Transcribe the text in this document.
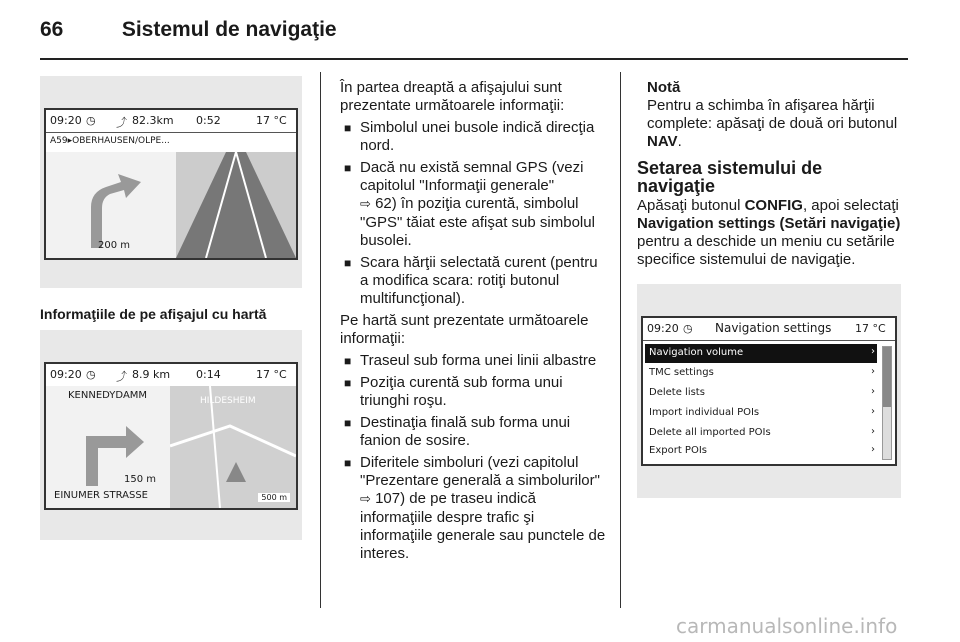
66	Sistemul de navigaţie
09:20 ◷ ⤴ 82.3km 0:52	17 °C
A59▸OBERHAUSEN/OLPE...
200 m
Informaţiile de pe afişajul cu hartă
09:20 ◷ ⤴ 8.9 km 0:14	17 °C
KENNEDYDAMM
150 m
EINUMER STRASSE
HILDESHEIM
500 m

În partea dreaptă a afişajului sunt prezentate următoarele informaţii:

■ Simbolul unei busole indică direcţia nord.
■ Dacă nu există semnal GPS (vezi capitolul "Informaţii generale"
⇨ 62) în poziţia curentă, simbolul "GPS" tăiat este afişat sub simbolul busolei.
■ Scara hărţii selectată curent (pentru a modifica scara: rotiţi butonul multifuncţional).

Pe hartă sunt prezentate următoarele informaţii:

■ Traseul sub forma unei linii albastre
■ Poziţia curentă sub forma unui triunghi roşu.
■ Destinaţia finală sub forma unui fanion de sosire.
■ Diferitele simboluri (vezi capitolul "Prezentare generală a simbolurilor" ⇨ 107) de pe traseu indică informaţiile despre trafic şi informaţiile generale sau punctele de interes.
Notă
Pentru a schimba în afişarea hărţii complete: apăsaţi de două ori butonul NAV.
Setarea sistemului de navigaţie

Apăsaţi butonul CONFIG, apoi selectaţi Navigation settings (Setări navigaţie) pentru a deschide un meniu cu setările specifice sistemului de navigaţie.

09:20 ◷ Navigation settings 17 °C
Navigation volume	›
TMC settings	›
Delete lists	›
Import individual POIs	›
Delete all imported POIs	›
Export POIs	›
carmanualsonline.info
